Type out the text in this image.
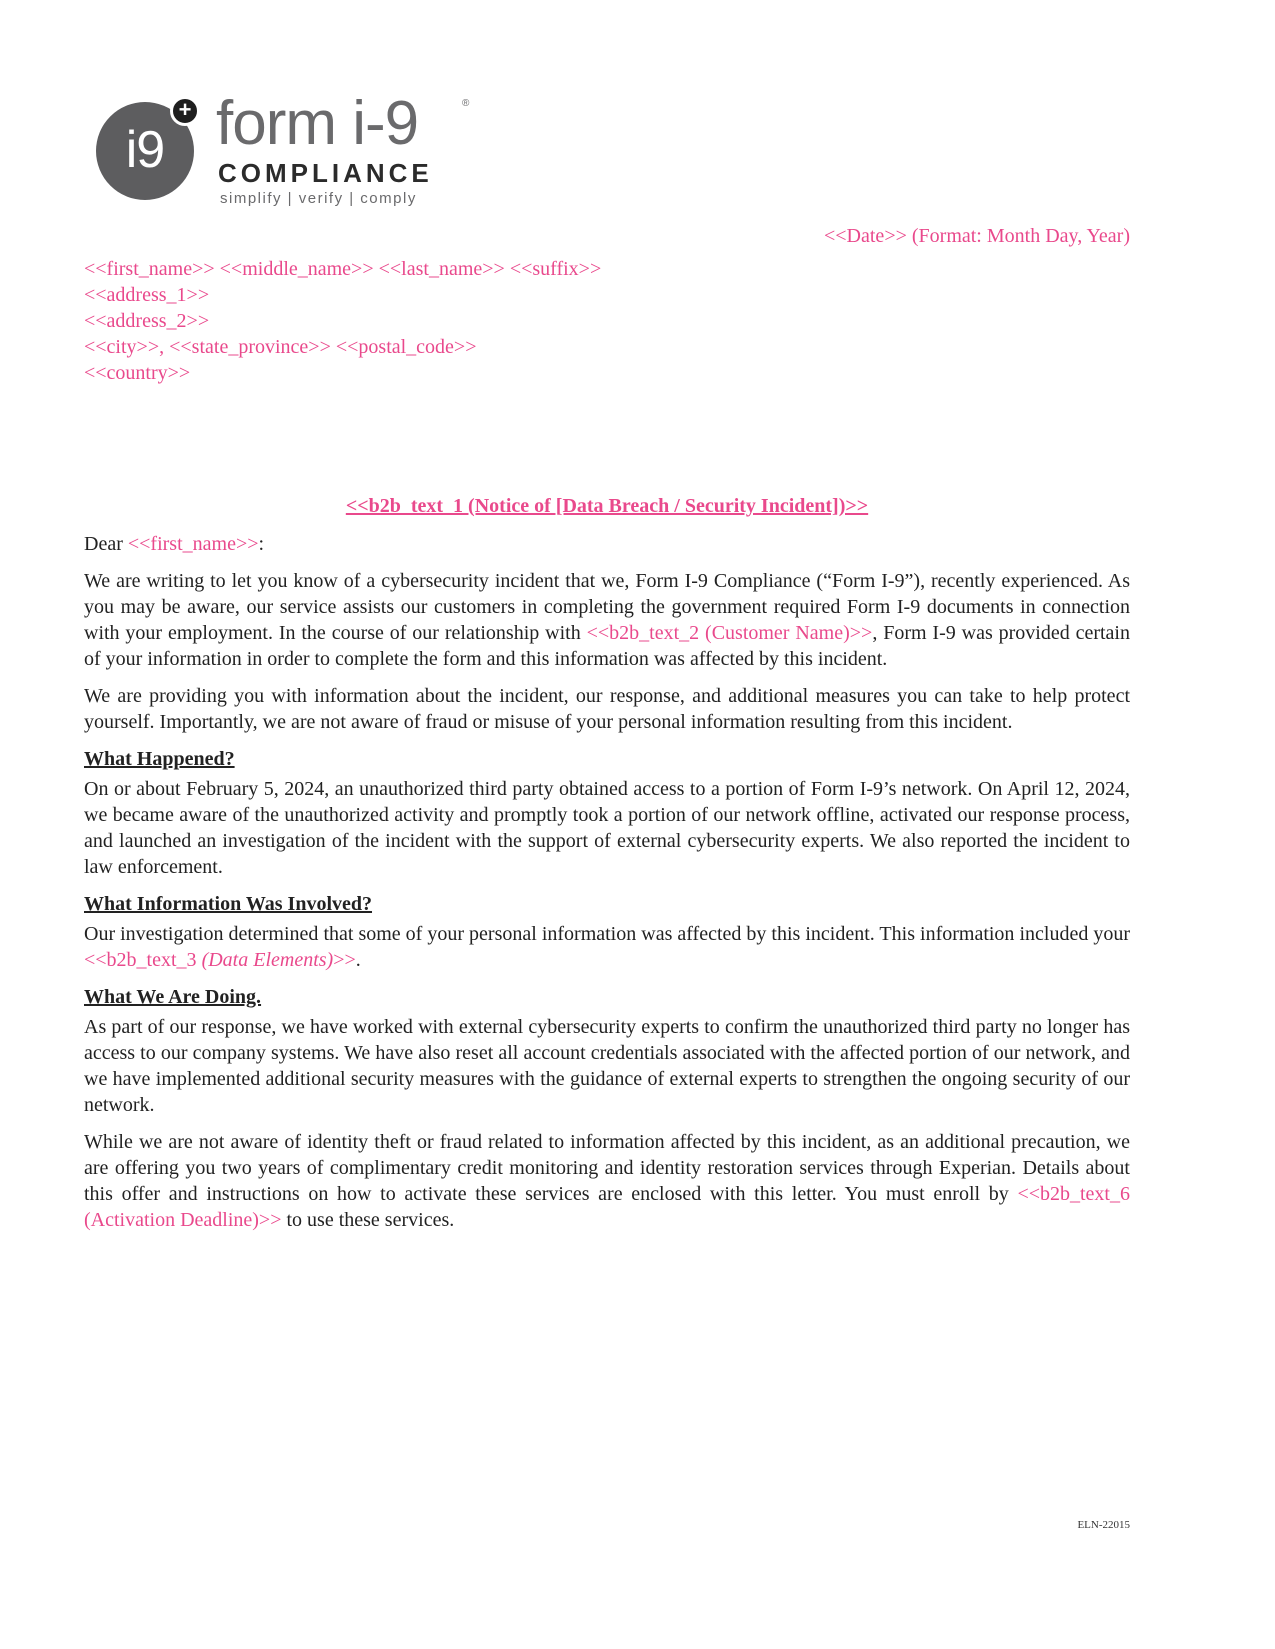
i9
+ form i-9	®
COMPLIANCE
simplify | verify | comply
<<Date>> (Format: Month Day, Year)
<<first_name>> <<middle_name>> <<last_name>> <<suffix>>
<<address_1>>
<<address_2>>
<<city>>, <<state_province>> <<postal_code>>
<<country>>
<<b2b_text_1 (Notice of [Data Breach / Security Incident])>>

Dear <<first_name>>:

We are writing to let you know of a cybersecurity incident that we, Form I-9 Compliance (“Form I-9”), recently experienced. As you may be aware, our service assists our customers in completing the government required Form I-9 documents in connection with your employment. In the course of our relationship with <<b2b_text_2 (Customer Name)>>, Form I-9 was provided certain of your information in order to complete the form and this information was affected by this incident.

We are providing you with information about the incident, our response, and additional measures you can take to help protect yourself. Importantly, we are not aware of fraud or misuse of your personal information resulting from this incident.

What Happened?

On or about February 5, 2024, an unauthorized third party obtained access to a portion of Form I-9’s network. On April 12, 2024, we became aware of the unauthorized activity and promptly took a portion of our network offline, activated our response process, and launched an investigation of the incident with the support of external cybersecurity experts. We also reported the incident to law enforcement.

What Information Was Involved?

Our investigation determined that some of your personal information was affected by this incident. This information included your <<b2b_text_3 (Data Elements)>>.

What We Are Doing.

As part of our response, we have worked with external cybersecurity experts to confirm the unauthorized third party no longer has access to our company systems. We have also reset all account credentials associated with the affected portion of our network, and we have implemented additional security measures with the guidance of external experts to strengthen the ongoing security of our network.

While we are not aware of identity theft or fraud related to information affected by this incident, as an additional precaution, we are offering you two years of complimentary credit monitoring and identity restoration services through Experian. Details about this offer and instructions on how to activate these services are enclosed with this letter. You must enroll by <<b2b_text_6 (Activation Deadline)>> to use these services.

ELN-22015
